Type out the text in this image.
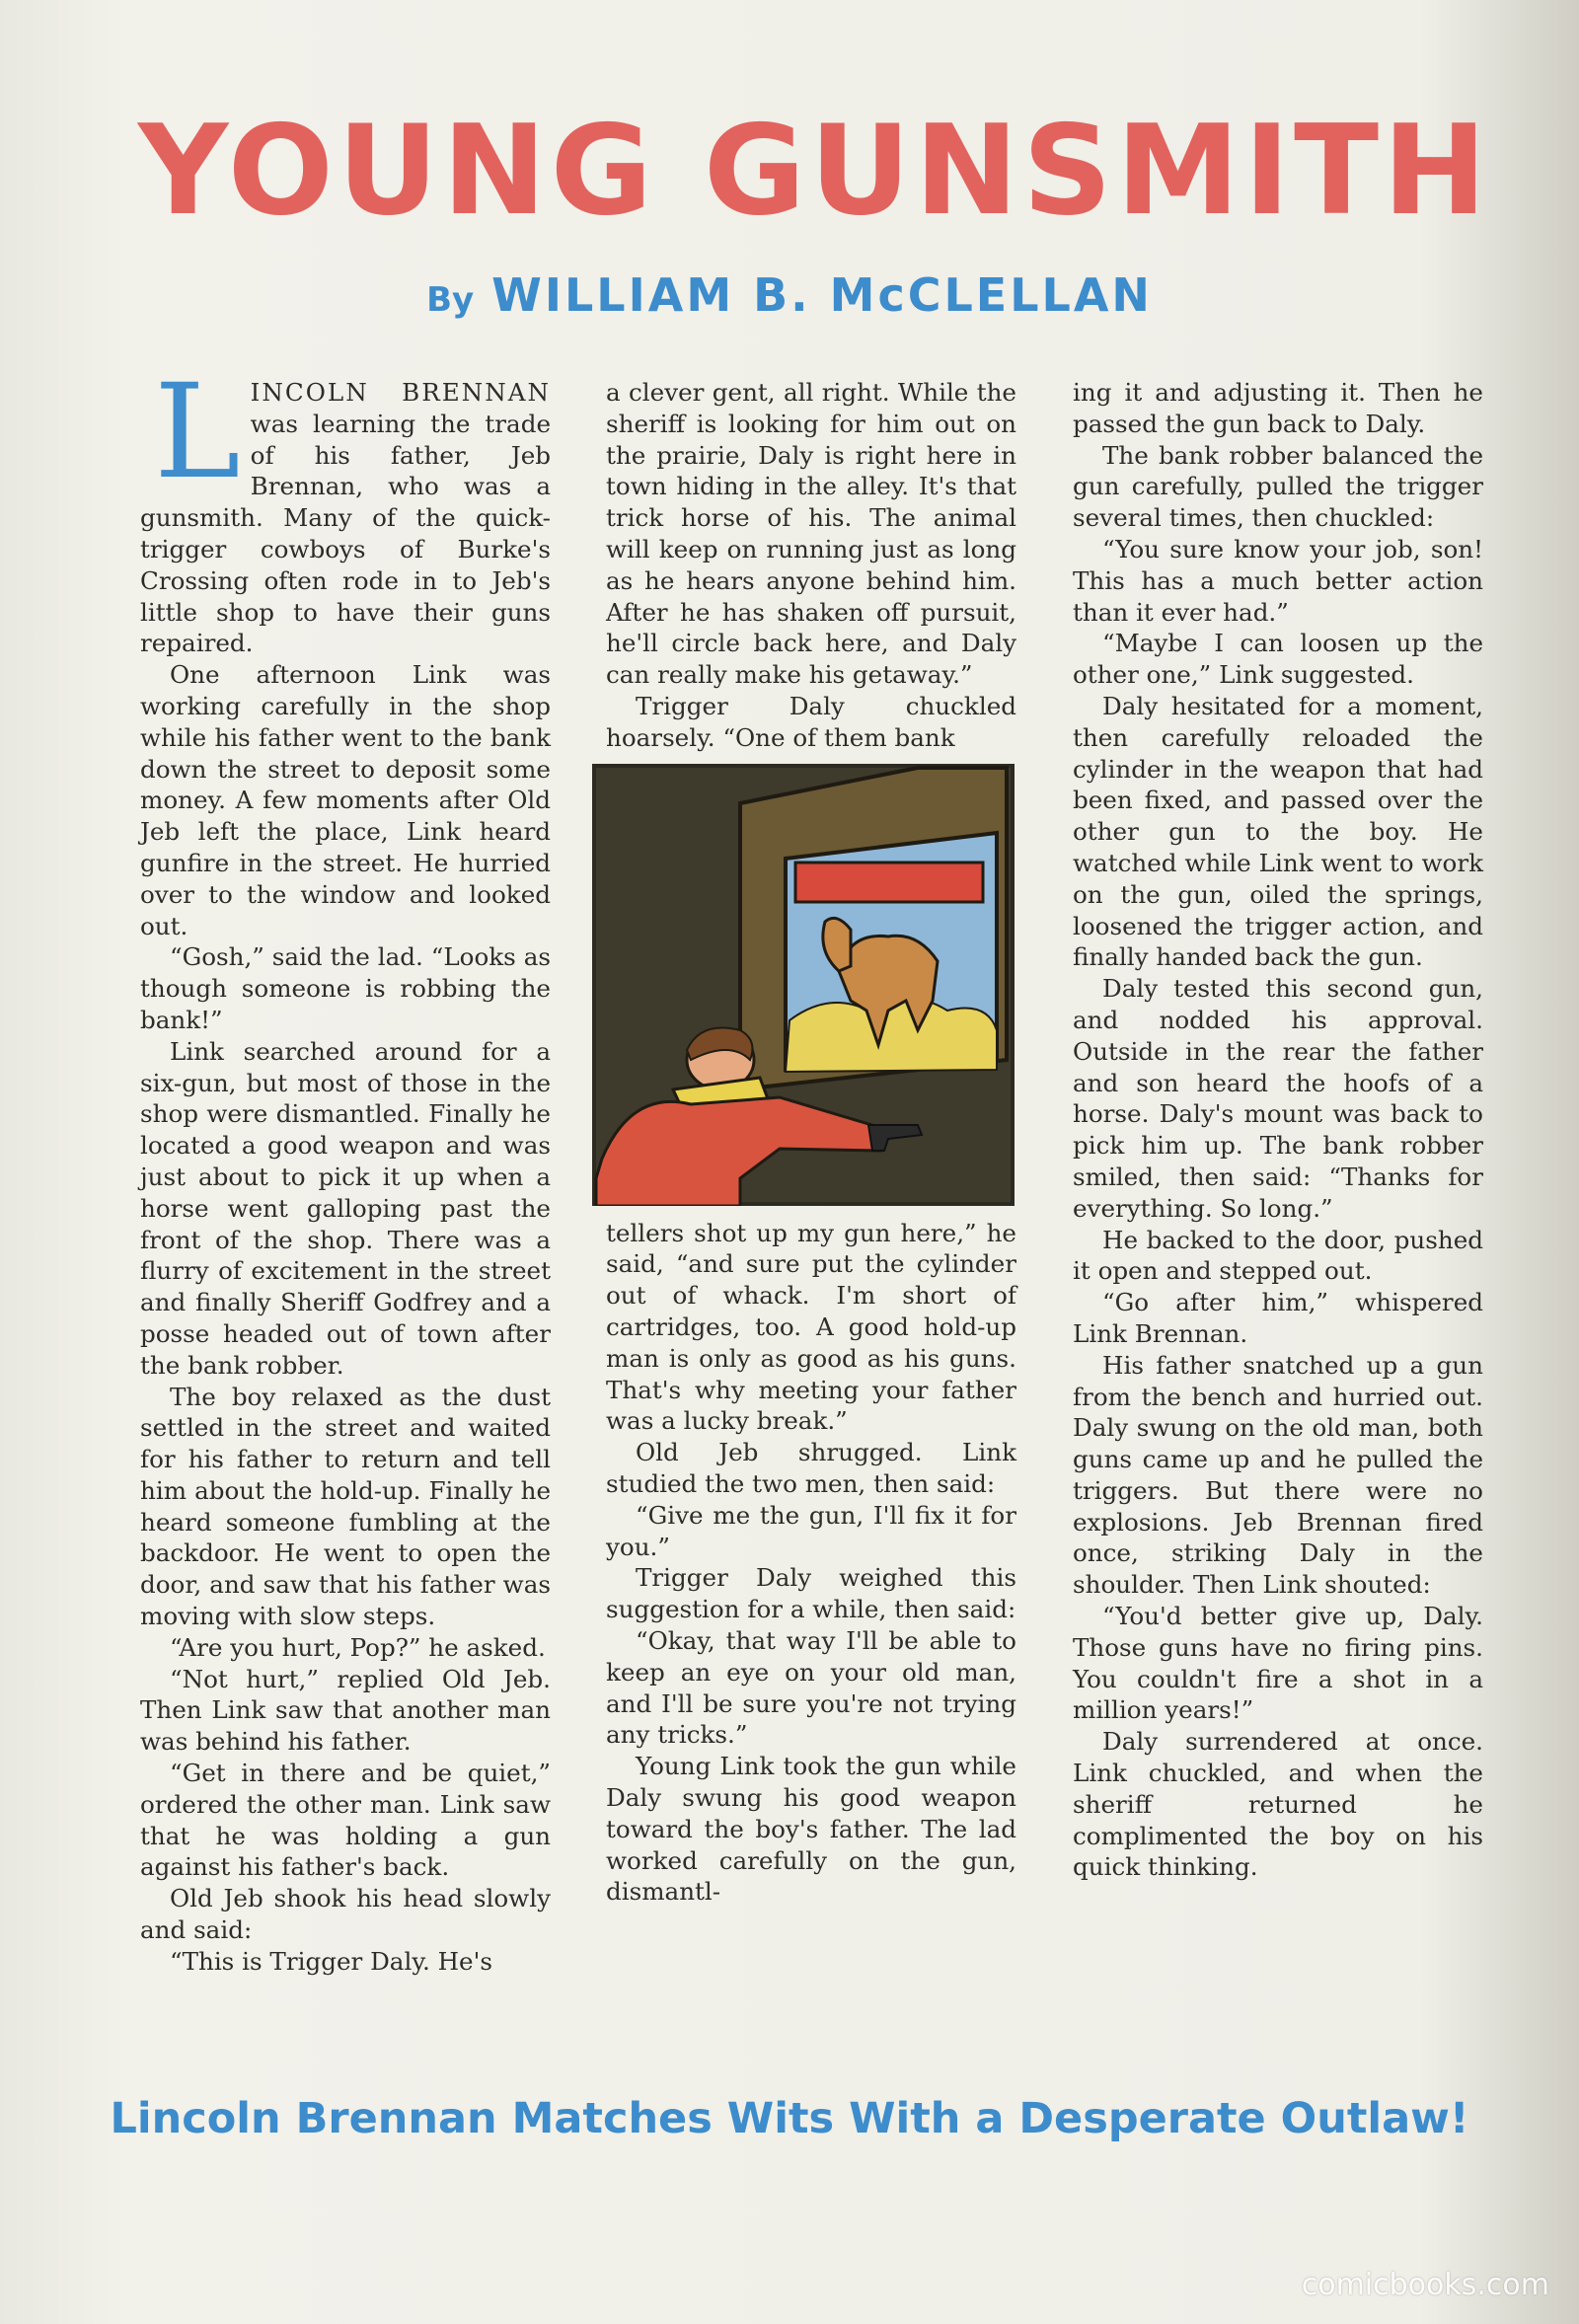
YOUNG GUNSMITH
By WILLIAM B. McCLELLAN

LINCOLN BRENNAN was learning the trade of his father, Jeb Brennan, who was a gunsmith. Many of the quick-trigger cowboys of Burke's Crossing often rode in to Jeb's little shop to have their guns repaired.

One afternoon Link was working carefully in the shop while his father went to the bank down the street to deposit some money. A few moments after Old Jeb left the place, Link heard gunfire in the street. He hurried over to the window and looked out.

“Gosh,” said the lad. “Looks as though someone is robbing the bank!”

Link searched around for a six-gun, but most of those in the shop were dismantled. Finally he located a good weapon and was just about to pick it up when a horse went galloping past the front of the shop. There was a flurry of excitement in the street and finally Sheriff Godfrey and a posse headed out of town after the bank robber.

The boy relaxed as the dust settled in the street and waited for his father to return and tell him about the hold-up. Finally he heard someone fumbling at the backdoor. He went to open the door, and saw that his father was moving with slow steps.

“Are you hurt, Pop?” he asked.

“Not hurt,” replied Old Jeb. Then Link saw that another man was behind his father.

“Get in there and be quiet,” ordered the other man. Link saw that he was holding a gun against his father's back.

Old Jeb shook his head slowly and said:

“This is Trigger Daly. He's

a clever gent, all right. While the sheriff is looking for him out on the prairie, Daly is right here in town hiding in the alley. It's that trick horse of his. The animal will keep on running just as long as he hears anyone behind him. After he has shaken off pursuit, he'll circle back here, and Daly can really make his getaway.”

Trigger Daly chuckled hoarsely. “One of them bank

tellers shot up my gun here,” he said, “and sure put the cylinder out of whack. I'm short of cartridges, too. A good hold-up man is only as good as his guns. That's why meeting your father was a lucky break.”

Old Jeb shrugged. Link studied the two men, then said:

“Give me the gun, I'll fix it for you.”

Trigger Daly weighed this suggestion for a while, then said:

“Okay, that way I'll be able to keep an eye on your old man, and I'll be sure you're not trying any tricks.”

Young Link took the gun while Daly swung his good weapon toward the boy's father. The lad worked carefully on the gun, dismantl-

ing it and adjusting it. Then he passed the gun back to Daly.

The bank robber balanced the gun carefully, pulled the trigger several times, then chuckled:

“You sure know your job, son! This has a much better action than it ever had.”

“Maybe I can loosen up the other one,” Link suggested.

Daly hesitated for a moment, then carefully reloaded the cylinder in the weapon that had been fixed, and passed over the other gun to the boy. He watched while Link went to work on the gun, oiled the springs, loosened the trigger action, and finally handed back the gun.

Daly tested this second gun, and nodded his approval. Outside in the rear the father and son heard the hoofs of a horse. Daly's mount was back to pick him up. The bank robber smiled, then said: “Thanks for everything. So long.”

He backed to the door, pushed it open and stepped out.

“Go after him,” whispered Link Brennan.

His father snatched up a gun from the bench and hurried out. Daly swung on the old man, both guns came up and he pulled the triggers. But there were no explosions. Jeb Brennan fired once, striking Daly in the shoulder. Then Link shouted:

“You'd better give up, Daly. Those guns have no firing pins. You couldn't fire a shot in a million years!”

Daly surrendered at once. Link chuckled, and when the sheriff returned he complimented the boy on his quick thinking.

Lincoln Brennan Matches Wits With a Desperate Outlaw!
comicbooks.com
